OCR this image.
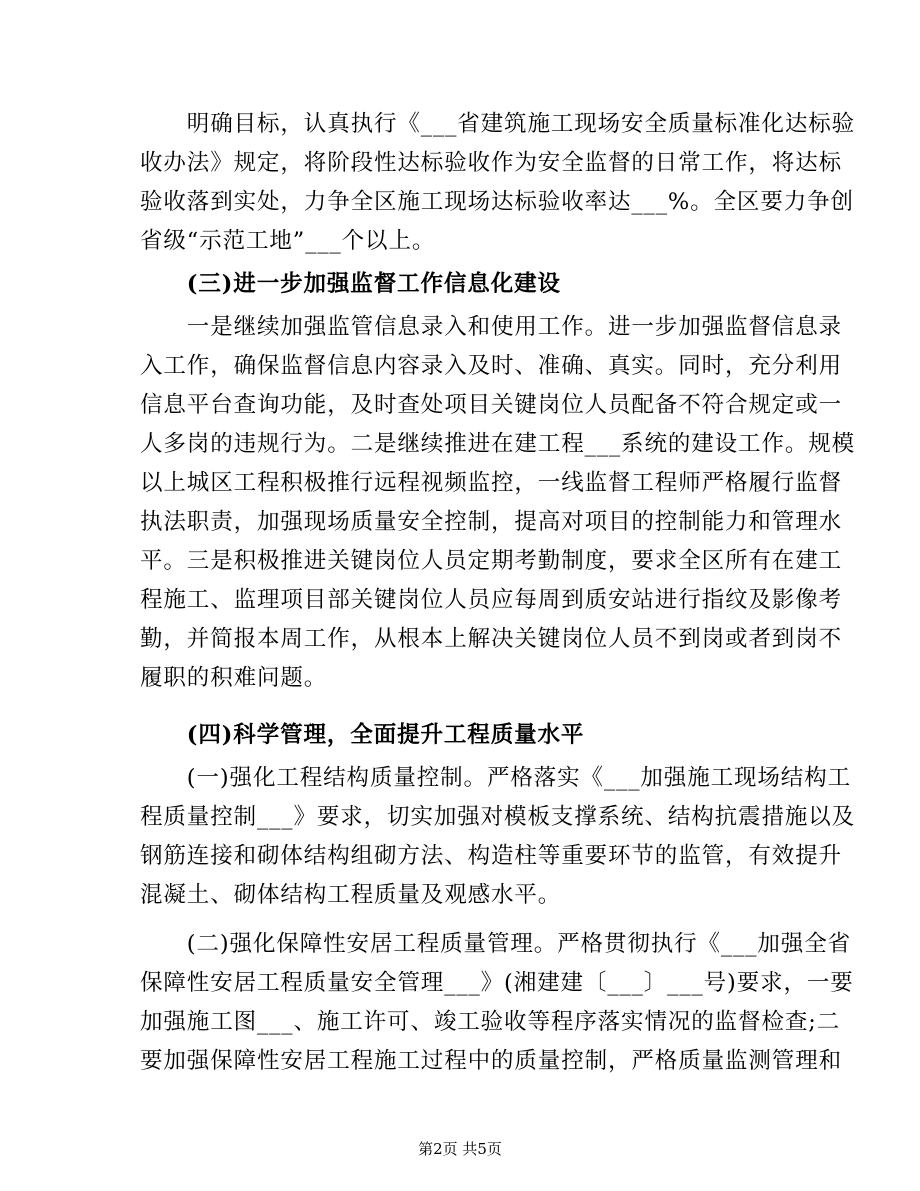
　　明确目标，认真执行《___省建筑施工现场安全质量标准化达标验
收办法》规定，将阶段性达标验收作为安全监督的日常工作，将达标
验收落到实处，力争全区施工现场达标验收率达___%。全区要力争创
省级“示范工地”___个以上。
　　(三)进一步加强监督工作信息化建设
　　一是继续加强监管信息录入和使用工作。进一步加强监督信息录
入工作，确保监督信息内容录入及时、准确、真实。同时，充分利用
信息平台查询功能，及时查处项目关键岗位人员配备不符合规定或一
人多岗的违规行为。二是继续推进在建工程___系统的建设工作。规模
以上城区工程积极推行远程视频监控，一线监督工程师严格履行监督
执法职责，加强现场质量安全控制，提高对项目的控制能力和管理水
平。三是积极推进关键岗位人员定期考勤制度，要求全区所有在建工
程施工、监理项目部关键岗位人员应每周到质安站进行指纹及影像考
勤，并简报本周工作，从根本上解决关键岗位人员不到岗或者到岗不
履职的积难问题。
　　(四)科学管理，全面提升工程质量水平
　　(一)强化工程结构质量控制。严格落实《___加强施工现场结构工
程质量控制___》要求，切实加强对模板支撑系统、结构抗震措施以及
钢筋连接和砌体结构组砌方法、构造柱等重要环节的监管，有效提升
混凝土、砌体结构工程质量及观感水平。
　　(二)强化保障性安居工程质量管理。严格贯彻执行《___加强全省
保障性安居工程质量安全管理___》(湘建建〔___〕___号)要求，一要
加强施工图___、施工许可、竣工验收等程序落实情况的监督检查;二
要加强保障性安居工程施工过程中的质量控制，严格质量监测管理和
第2页 共5页
